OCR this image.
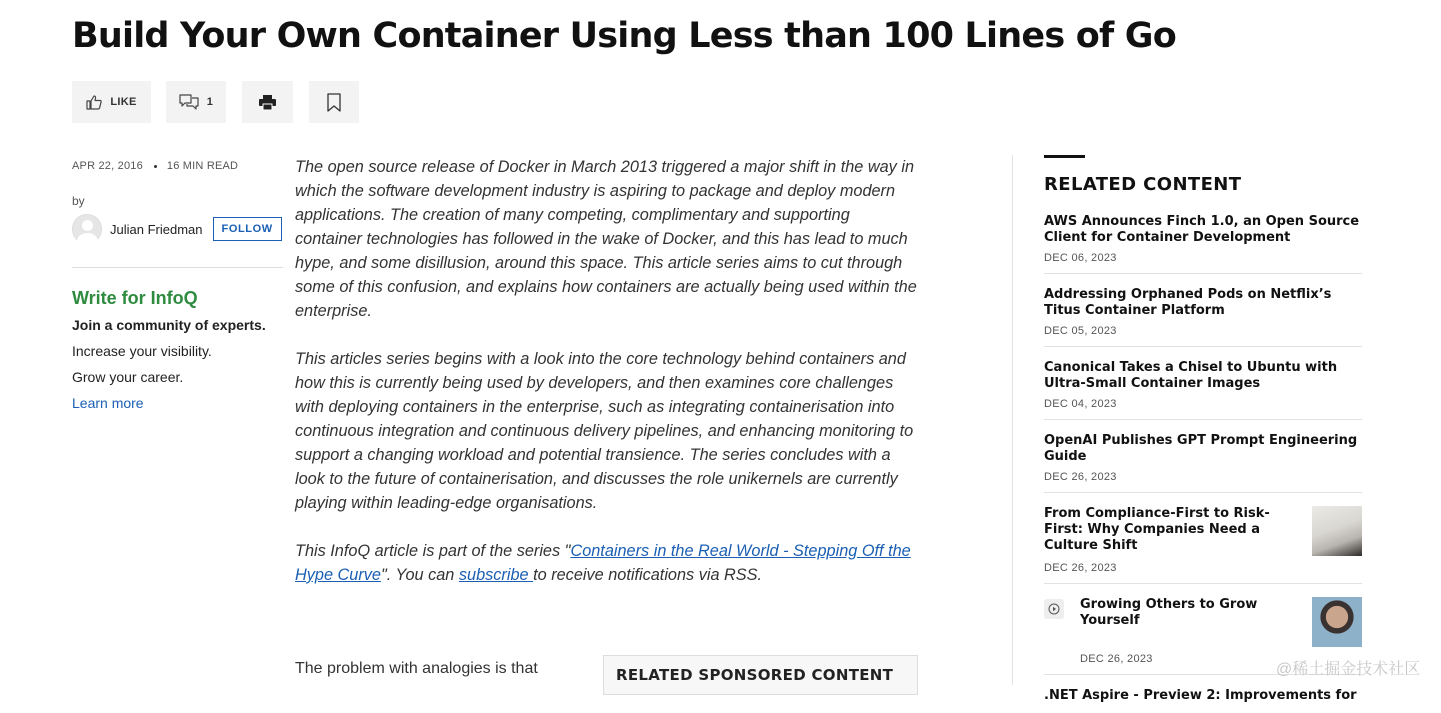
Build Your Own Container Using Less than 100 Lines of Go
LIKE	1
APR 22, 2016 16 MIN READ
by
Julian Friedman	FOLLOW
Write for InfoQ
Join a community of experts.
Increase your visibility.
Grow your career.
Learn more

The open source release of Docker in March 2013 triggered a major shift in the way in which the software development industry is aspiring to package and deploy modern applications. The creation of many competing, complimentary and supporting container technologies has followed in the wake of Docker, and this has lead to much hype, and some disillusion, around this space. This article series aims to cut through some of this confusion, and explains how containers are actually being used within the enterprise.

This articles series begins with a look into the core technology behind containers and how this is currently being used by developers, and then examines core challenges with deploying containers in the enterprise, such as integrating containerisation into continuous integration and continuous delivery pipelines, and enhancing monitoring to support a changing workload and potential transience. The series concludes with a look to the future of containerisation, and discusses the role unikernels are currently playing within leading-edge organisations.

This InfoQ article is part of the series "Containers in the Real World - Stepping Off the Hype Curve". You can subscribe to receive notifications via RSS.

The problem with analogies is that	RELATED SPONSORED CONTENT
RELATED CONTENT
AWS Announces Finch 1.0, an Open Source Client for Container Development
DEC 06, 2023
Addressing Orphaned Pods on Netflix’s Titus Container Platform
DEC 05, 2023
Canonical Takes a Chisel to Ubuntu with Ultra-Small Container Images
DEC 04, 2023
OpenAI Publishes GPT Prompt Engineering Guide
DEC 26, 2023
From Compliance-First to Risk-First: Why Companies Need a Culture Shift
DEC 26, 2023
Growing Others to Grow Yourself
DEC 26, 2023
.NET Aspire - Preview 2: Improvements for
@稀土掘金技术社区
